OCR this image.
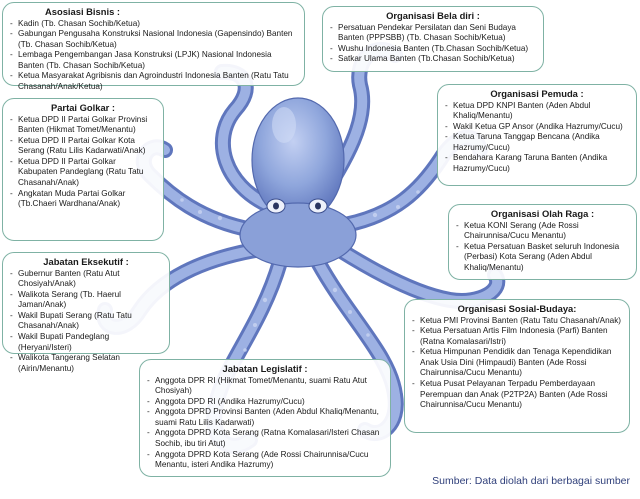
Asosiasi Bisnis :
- Kadin (Tb. Chasan Sochib/Ketua)
- Gabungan Pengusaha Konstruksi Nasional Indonesia (Gapensindo) Banten (Tb. Chasan Sochib/Ketua)
- Lembaga Pengembangan Jasa Konstruksi (LPJK) Nasional Indonesia Banten (Tb. Chasan Sochib/Ketua)
- Ketua Masyarakat Agribisnis dan Agroindustri Indonesia Banten (Ratu Tatu Chasanah/Anak/Ketua)
Organisasi Bela diri :
- Persatuan Pendekar Persilatan dan Seni Budaya Banten (PPPSBB) (Tb. Chasan Sochib/Ketua)
- Wushu Indonesia Banten (Tb.Chasan Sochib/Ketua)
- Satkar Ulama Banten (Tb.Chasan Sochib/Ketua)
Partai Golkar :
- Ketua DPD II Partai Golkar Provinsi Banten (Hikmat Tomet/Menantu)
- Ketua DPD II Partai Golkar Kota Serang (Ratu Lilis Kadarwati/Anak)
- Ketua DPD II Partai Golkar Kabupaten Pandeglang (Ratu Tatu Chasanah/Anak)
- Angkatan Muda Partai Golkar (Tb.Chaeri Wardhana/Anak)
Organisasi Pemuda :
- Ketua DPD KNPI Banten (Aden Abdul Khaliq/Menantu)
- Wakil Ketua GP Ansor (Andika Hazrumy/Cucu)
- Ketua Taruna Tanggap Bencana (Andika Hazrumy/Cucu)
- Bendahara Karang Taruna Banten (Andika Hazrumy/Cucu)
Organisasi Olah Raga :
- Ketua KONI Serang (Ade Rossi Chairunnisa/Cucu Menantu)
- Ketua Persatuan Basket seluruh Indonesia (Perbasi) Kota Serang (Aden Abdul Khaliq/Menantu)
Jabatan Eksekutif :
- Gubernur Banten (Ratu Atut Chosiyah/Anak)
- Walikota Serang (Tb. Haerul Jaman/Anak)
- Wakil Bupati Serang (Ratu Tatu Chasanah/Anak)
- Wakil Bupati Pandeglang (Heryani/Isteri)
- Walikota Tangerang Selatan (Airin/Menantu)
Organisasi Sosial-Budaya:
- Ketua PMI Provinsi Banten (Ratu Tatu Chasanah/Anak)
- Ketua Persatuan Artis Film Indonesia (Parfi) Banten (Ratna Komalasari/Istri)
- Ketua Himpunan Pendidik dan Tenaga Kependidikan Anak Usia Dini (Himpaudi) Banten (Ade Rossi Chairunnisa/Cucu Menantu)
- Ketua Pusat Pelayanan Terpadu Pemberdayaan Perempuan dan Anak (P2TP2A) Banten (Ade Rossi Chairunnisa/Cucu Menantu)
Jabatan Legislatif :
- Anggota DPR RI (Hikmat Tomet/Menantu, suami Ratu Atut Chosiyah)
- Anggota DPD RI (Andika Hazrumy/Cucu)
- Anggota DPRD Provinsi Banten (Aden Abdul Khaliq/Menantu, suami Ratu Lilis Kadarwati)
- Anggota DPRD Kota Serang (Ratna Komalasari/Isteri Chasan Sochib, ibu tiri Atut)
- Anggota DPRD Kota Serang (Ade Rossi Chairunnisa/Cucu Menantu, isteri Andika Hazrumy)
Sumber: Data diolah dari berbagai sumber
